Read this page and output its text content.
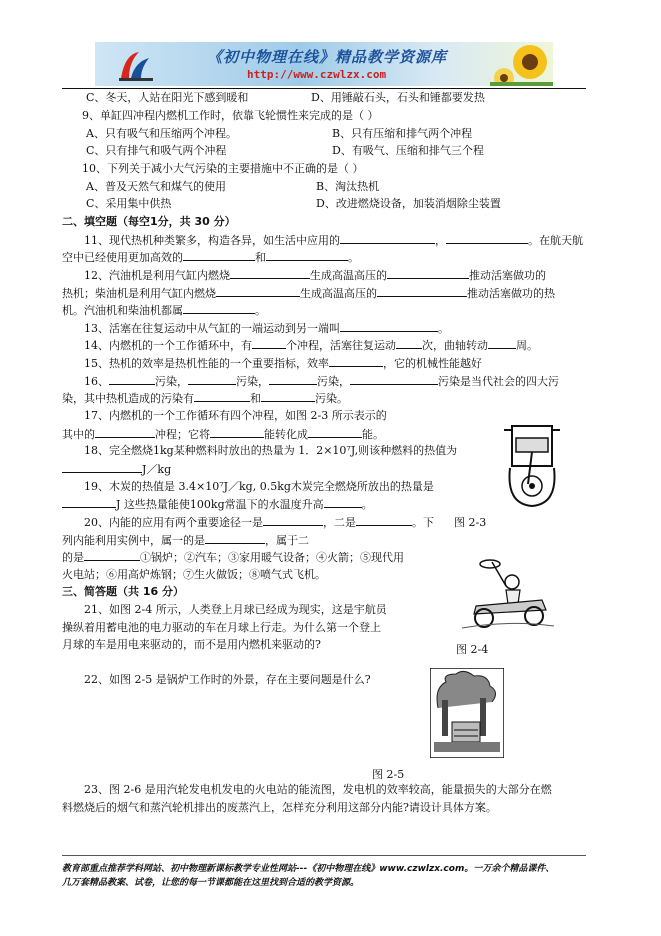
《初中物理在线》精品教学资源库
http://www.czwlzx.com
C、冬天，人站在阳光下感到暖和	D、用锤敲石头，石头和锤都要发热
9、单缸四冲程内燃机工作时，依靠飞轮惯性来完成的是（ ）
A、只有吸气和压缩两个冲程。	B、只有压缩和排气两个冲程
C、只有排气和吸气两个冲程	D、有吸气、压缩和排气三个程
10、下列关于减小大气污染的主要措施中不正确的是（ ）
A、普及天然气和煤气的使用	B、淘汰热机
C、采用集中供热	D、改进燃烧设备，加装消烟除尘装置
二、填空题（每空1分，共 30 分）
11、现代热机种类繁多，构造各异，如生活中应用的	，	。在航天航
空中已经使用更加高效的	和	。
12、汽油机是利用气缸内燃烧	生成高温高压的	推动活塞做功的
热机；柴油机是利用气缸内燃烧	生成高温高压的	推动活塞做功的热
机。汽油机和柴油机都属	。
13、活塞在往复运动中从气缸的一端运动到另一端叫	。
14、内燃机的一个工作循环中，有	个冲程，活塞往复运动 次，曲轴转动	周。
15、热机的效率是热机性能的一个重要指标，效率	，它的机械性能越好
16、	污染，	污染，	污染，	污染是当代社会的四大污
染，其中热机造成的污染有	和	污染。
17、内燃机的一个工作循环有四个冲程，如图 2-3 所示表示的
其中的	冲程；它将	能转化成	能。
18、完全燃烧1kg某种燃料时放出的热量为 1．2×10⁷J,则该种燃料的热值为
J／kg
19、木炭的热值是 3.4×10⁷J／kg, 0.5kg木炭完全燃烧所放出的热量是
J 这些热量能使100kg常温下的水温度升高	。
20、内能的应用有两个重要途径一是	，二是	。下
列内能利用实例中，属一的是	，属于二
的是	①锅炉；②汽车；③家用暖气设备；④火箭；⑤现代用
火电站；⑥用高炉炼钢；⑦生火做饭；⑧喷气式飞机。
三、简答题（共 16 分）
21、如图 2-4 所示，人类登上月球已经成为现实，这是宇航员
操纵着用蓄电池的电力驱动的车在月球上行走。为什么第一个登上
月球的车是用电来驱动的，而不是用内燃机来驱动的?
22、如图 2-5 是锅炉工作时的外景，存在主要问题是什么?
23、图 2-6 是用汽轮发电机发电的火电站的能流图，发电机的效率较高，能量损失的大部分在燃
料燃烧后的烟气和蒸汽轮机排出的废蒸汽上，怎样充分利用这部分内能?请设计具体方案。
图 2-3
图 2-4
图 2-5
教育部重点推荐学科网站、初中物理新课标教学专业性网站---《初中物理在线》www.czwlzx.com。一万余个精品课件、
几万套精品教案、试卷，让您的每一节课都能在这里找到合适的教学资源。
